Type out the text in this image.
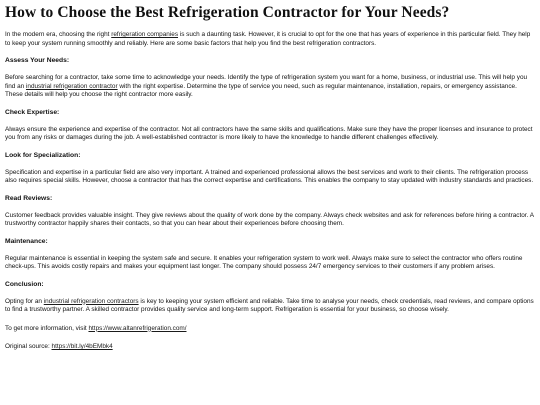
How to Choose the Best Refrigeration Contractor for Your Needs?

In the modern era, choosing the right refrigeration companies is such a daunting task. However, it is crucial to opt for the one that has years of experience in this particular field. They help to keep your system running smoothly and reliably. Here are some basic factors that help you find the best refrigeration contractors.

Assess Your Needs:

Before searching for a contractor, take some time to acknowledge your needs. Identify the type of refrigeration system you want for a home, business, or industrial use. This will help you find an industrial refrigeration contractor with the right expertise. Determine the type of service you need, such as regular maintenance, installation, repairs, or emergency assistance. These details will help you choose the right contractor more easily.

Check Expertise:

Always ensure the experience and expertise of the contractor. Not all contractors have the same skills and qualifications. Make sure they have the proper licenses and insurance to protect you from any risks or damages during the job. A well-established contractor is more likely to have the knowledge to handle different challenges effectively.

Look for Specialization:

Specification and expertise in a particular field are also very important. A trained and experienced professional allows the best services and work to their clients. The refrigeration process also requires special skills. However, choose a contractor that has the correct expertise and certifications. This enables the company to stay updated with industry standards and practices.

Read Reviews:

Customer feedback provides valuable insight. They give reviews about the quality of work done by the company. Always check websites and ask for references before hiring a contractor. A trustworthy contractor happily shares their contacts, so that you can hear about their experiences before choosing them.

Maintenance:

Regular maintenance is essential in keeping the system safe and secure. It enables your refrigeration system to work well. Always make sure to select the contractor who offers routine check-ups. This avoids costly repairs and makes your equipment last longer. The company should possess 24/7 emergency services to their customers if any problem arises.

Conclusion:

Opting for an industrial refrigeration contractors is key to keeping your system efficient and reliable. Take time to analyse your needs, check credentials, read reviews, and compare options to find a trustworthy partner. A skilled contractor provides quality service and long-term support. Refrigeration is essential for your business, so choose wisely.

To get more information, visit https://www.altanrefrigeration.com/

Original source: https://bit.ly/4bEMbk4
